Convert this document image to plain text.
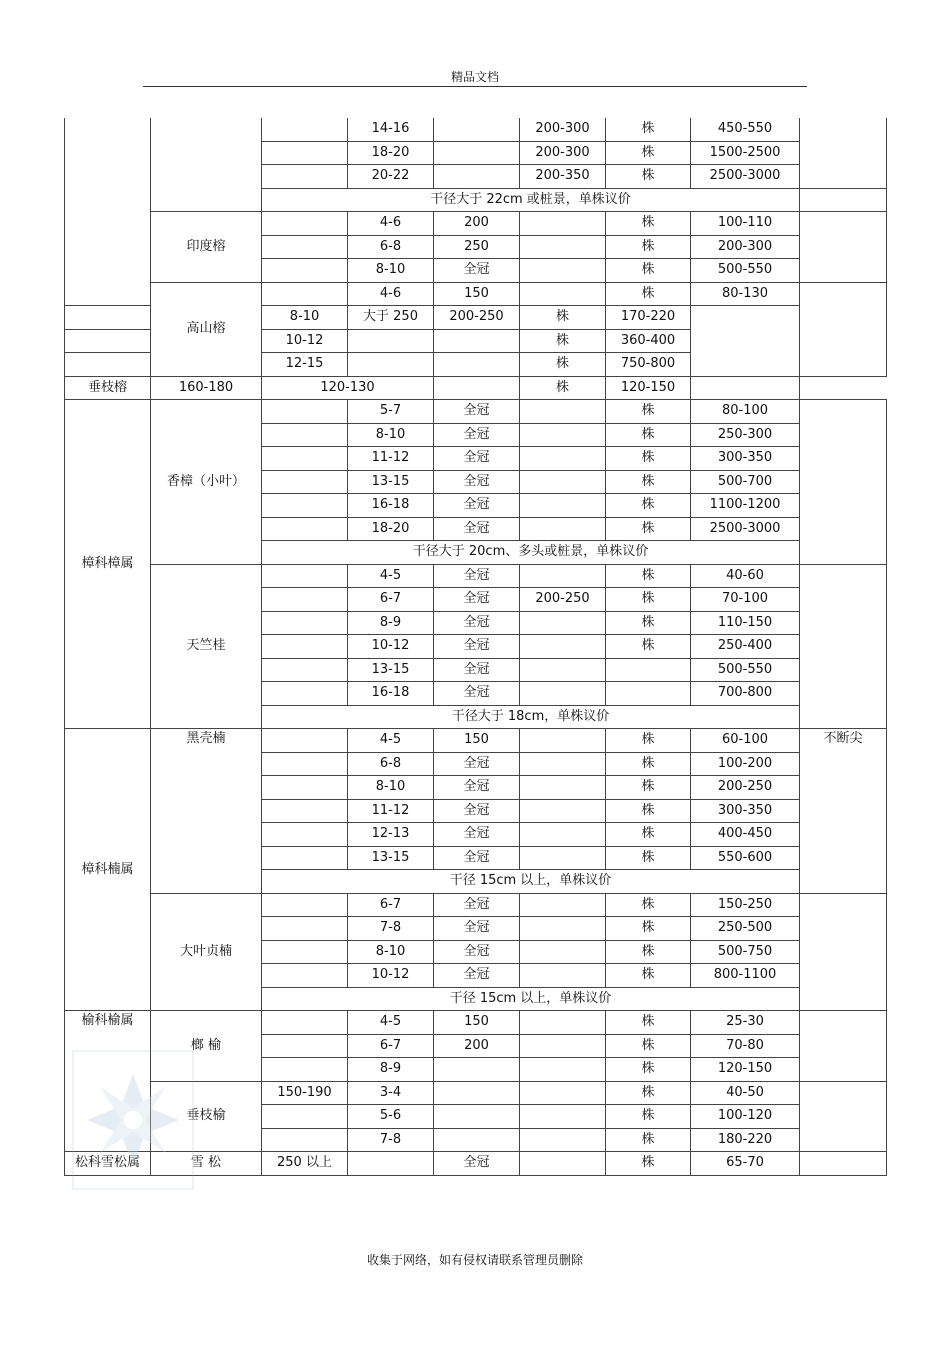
精品文档
			14-16		200-300	株	450-550	
			18-20		200-300	株	1500-2500	
			20-22		200-350	株	2500-3000	
		干径大于 22cm 或桩景，单株议价						
	印度榕		4-6	200		株	100-110	
			6-8	250		株	200-300	
			8-10	全冠		株	500-550	
	高山榕		4-6	150		株	80-130	
		8-10	大于 250	200-250	株	170-220		
		10-12			株	360-400		
		12-15			株	750-800		
垂枝榕	160-180	120-130			株	120-150		
樟科樟属	香樟（小叶）		5-7	全冠		株	80-100	
			8-10	全冠		株	250-300	
			11-12	全冠		株	300-350	
			13-15	全冠		株	500-700	
			16-18	全冠		株	1100-1200	
			18-20	全冠		株	2500-3000	
		干径大于 20cm、多头或桩景，单株议价						
	天竺桂		4-5	全冠		株	40-60	
			6-7	全冠	200-250	株	70-100	
			8-9	全冠		株	110-150	
			10-12	全冠		株	250-400	
			13-15	全冠			500-550	
			16-18	全冠			700-800	
		干径大于 18cm，单株议价						
樟科楠属	黑壳楠		4-5	150		株	60-100	不断尖
			6-8	全冠		株	100-200	
			8-10	全冠		株	200-250	
			11-12	全冠		株	300-350	
			12-13	全冠		株	400-450	
			13-15	全冠		株	550-600	
		干径 15cm 以上，单株议价						
	大叶贞楠		6-7	全冠		株	150-250	
			7-8	全冠		株	250-500	
			8-10	全冠		株	500-750	
			10-12	全冠		株	800-1100	
		干径 15cm 以上，单株议价						
榆科榆属	榔 榆		4-5	150		株	25-30	
			6-7	200		株	70-80	
			8-9			株	120-150	
	垂枝榆	150-190	3-4			株	40-50	
			5-6			株	100-120	
			7-8			株	180-220	
松科雪松属	雪 松	250 以上		全冠		株	65-70	
收集于网络，如有侵权请联系管理员删除
